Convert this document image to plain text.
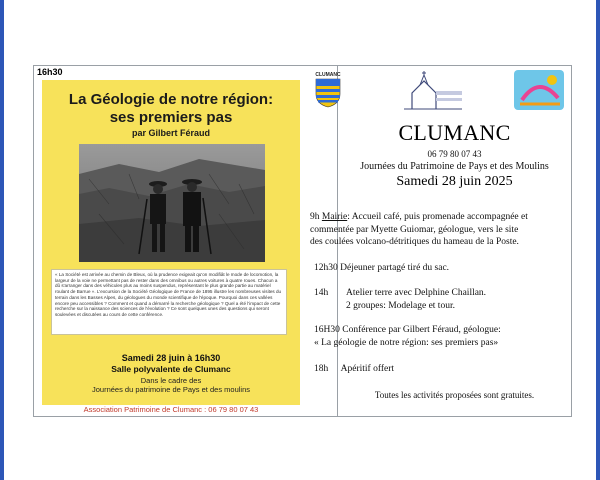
16h30
La Géologie de notre région:
ses premiers pas
par Gilbert Féraud
« La Société est arrivée au chemin de Bleux, où la prudence exigeait qu'on modifiât le mode de locomotion, la largeur de la voie ne permettant pas de rester dans des omnibus ou autres voitures à quatre roues. Chacun a dû s'arranger dans des véhicules plus au moins suspendus, représentant le plus grande partie au matériel roulant de Barrue ». L'excursion de la Société Géologique de France de 1895 illustre les nombreuses visites du terrain dans les Basses Alpes, du géologues du monde scientifique de l'époque. Pourquoi dans ces vallées encore peu accessibles ? Comment et quand a démarré la recherche géologique ? Quel a été l'impact de cette recherche sur la naissance des sciences de l'évolution ? Ce sont quelques unes des questions qui seront soulevées et discutées au cours de cette conférence.
Samedi 28 juin à 16h30
Salle polyvalente de Clumanc
Dans le cadre des
Journées du patrimoine de Pays et des moulins
Association Patrimoine de Clumanc : 06 79 80 07 43
CLUMANC
CLUMANC
06 79 80 07 43
Journées du Patrimoine de Pays et des Moulins
Samedi 28 juin 2025
9h Mairie: Accueil café, puis promenade accompagnée et
commentée par Myette Guiomar, géologue, vers le site
des coulées volcano-détritiques du hameau de la Poste.
12h30 Déjeuner partagé tiré du sac.
14h	Atelier terre avec Delphine Chaillan.
2 groupes: Modelage et tour.
16H30 Conférence par Gilbert Féraud, géologue:
« La géologie de notre région: ses premiers pas»
18h Apéritif offert
Toutes les activités proposées sont gratuites.
